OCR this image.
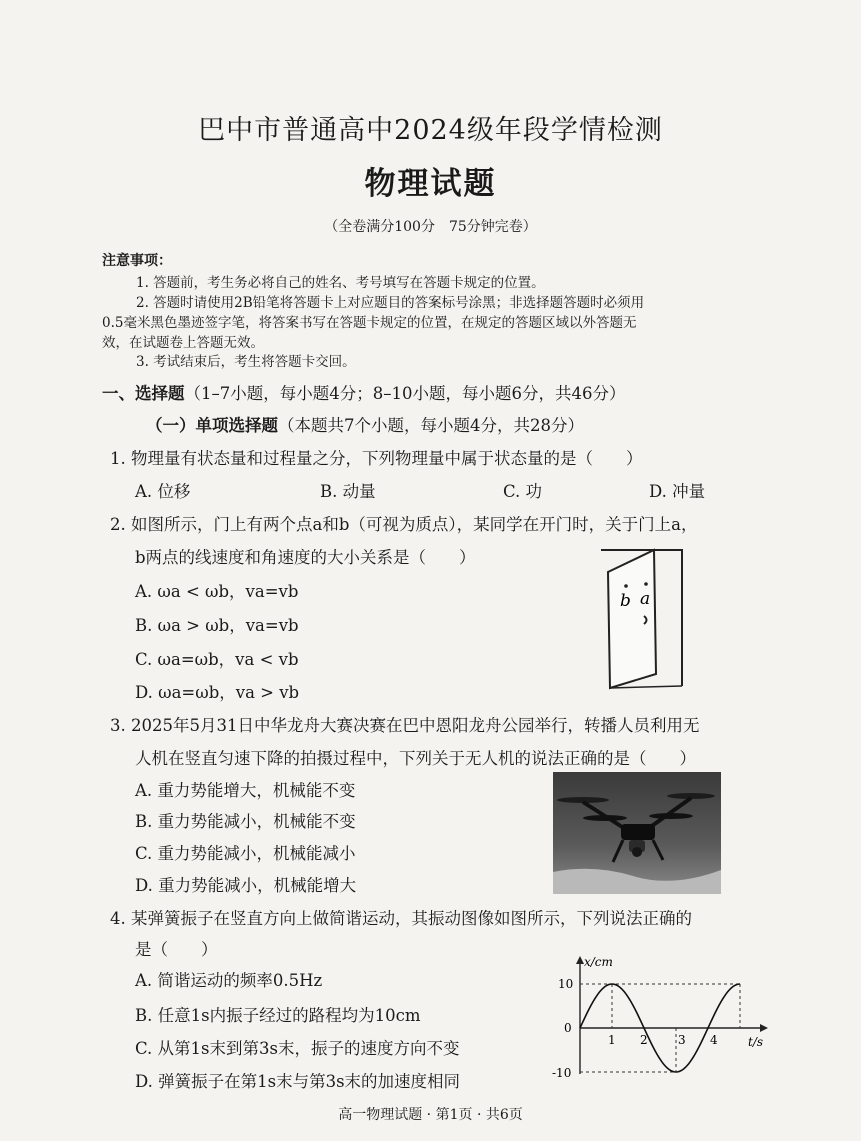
巴中市普通高中2024级年段学情检测
物理试题
（全卷满分100分　75分钟完卷）
注意事项：
1. 答题前，考生务必将自己的姓名、考号填写在答题卡规定的位置。
2. 答题时请使用2B铅笔将答题卡上对应题目的答案标号涂黑；非选择题答题时必须用
0.5毫米黑色墨迹签字笔，将答案书写在答题卡规定的位置，在规定的答题区域以外答题无
效，在试题卷上答题无效。
3. 考试结束后，考生将答题卡交回。
一、选择题（1–7小题，每小题4分；8–10小题，每小题6分，共46分）
（一）单项选择题（本题共7个小题，每小题4分，共28分）
1. 物理量有状态量和过程量之分，下列物理量中属于状态量的是（　　）
A. 位移	B. 动量	C. 功	D. 冲量
2. 如图所示，门上有两个点a和b（可视为质点），某同学在开门时，关于门上a，
b两点的线速度和角速度的大小关系是（　　）
A. ωa < ωb，va=vb
B. ωa > ωb，va=vb
C. ωa=ωb，va < vb
D. ωa=ωb，va > vb
b a
3. 2025年5月31日中华龙舟大赛决赛在巴中恩阳龙舟公园举行，转播人员利用无
人机在竖直匀速下降的拍摄过程中，下列关于无人机的说法正确的是（　　）
A. 重力势能增大，机械能不变
B. 重力势能减小，机械能不变
C. 重力势能减小，机械能减小
D. 重力势能减小，机械能增大
4. 某弹簧振子在竖直方向上做简谐运动，其振动图像如图所示，下列说法正确的
是（　　）
A. 简谐运动的频率0.5Hz
B. 任意1s内振子经过的路程均为10cm
C. 从第1s末到第3s末，振子的速度方向不变
D. 弹簧振子在第1s末与第3s末的加速度相同
x/cm
t/s
10
0
-10
1 2	3 4
高一物理试题 · 第1页 · 共6页
